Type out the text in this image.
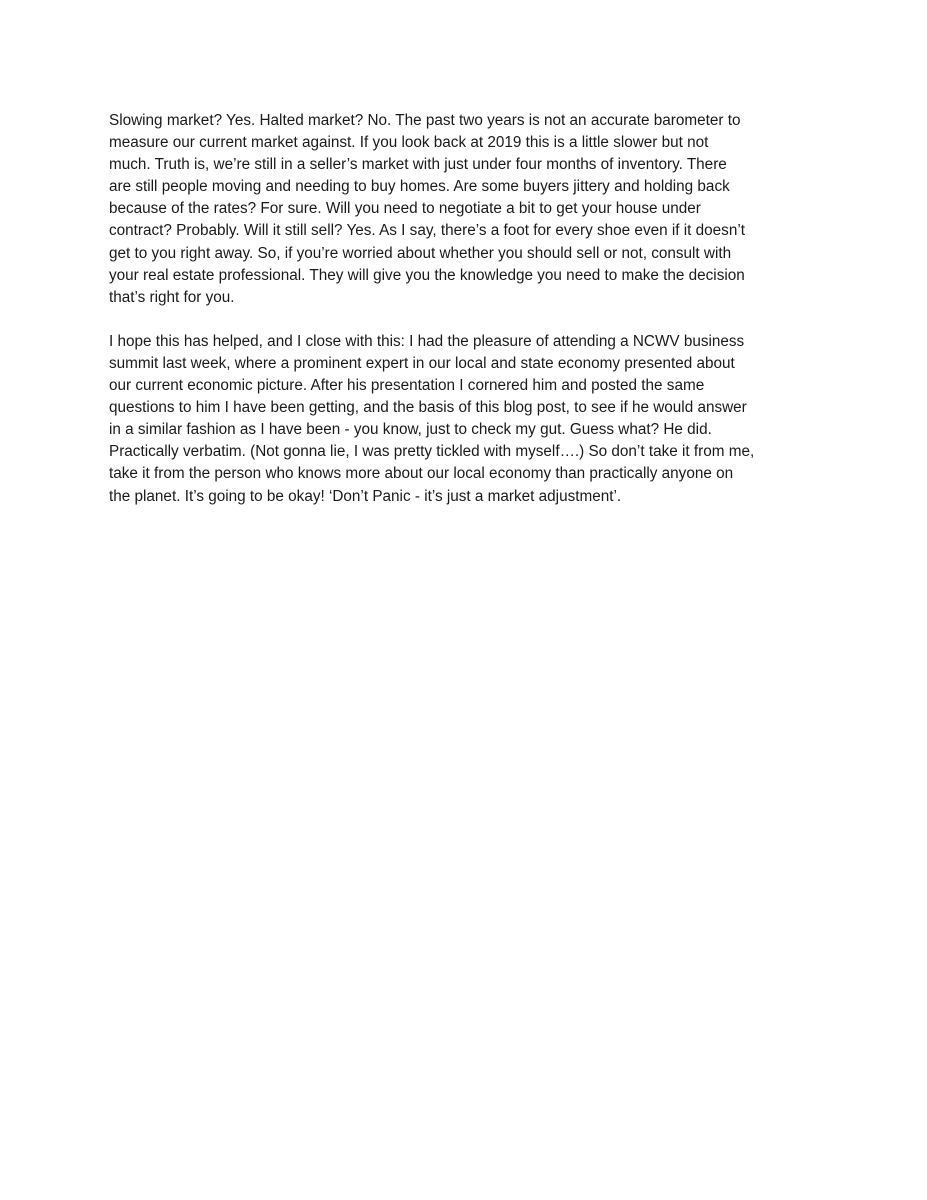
Slowing market? Yes. Halted market? No. The past two years is not an accurate barometer to
measure our current market against. If you look back at 2019 this is a little slower but not
much. Truth is, we’re still in a seller’s market with just under four months of inventory. There
are still people moving and needing to buy homes. Are some buyers jittery and holding back
because of the rates? For sure. Will you need to negotiate a bit to get your house under
contract? Probably. Will it still sell? Yes. As I say, there’s a foot for every shoe even if it doesn’t
get to you right away. So, if you’re worried about whether you should sell or not, consult with
your real estate professional. They will give you the knowledge you need to make the decision
that’s right for you.

I hope this has helped, and I close with this: I had the pleasure of attending a NCWV business
summit last week, where a prominent expert in our local and state economy presented about
our current economic picture. After his presentation I cornered him and posted the same
questions to him I have been getting, and the basis of this blog post, to see if he would answer
in a similar fashion as I have been - you know, just to check my gut. Guess what? He did.
Practically verbatim. (Not gonna lie, I was pretty tickled with myself….) So don’t take it from me,
take it from the person who knows more about our local economy than practically anyone on
the planet. It’s going to be okay! ‘Don’t Panic - it’s just a market adjustment’.
